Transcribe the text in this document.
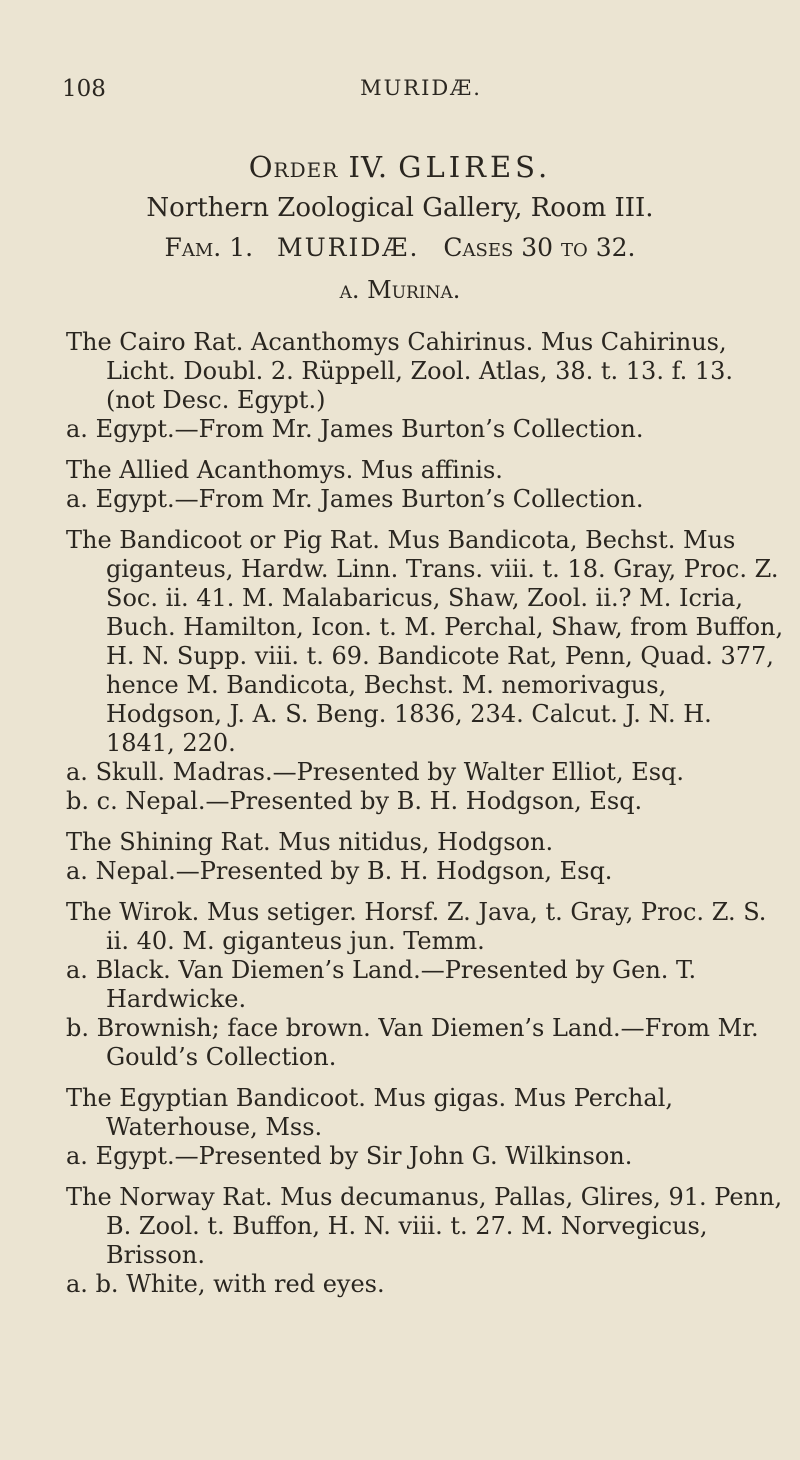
108	MURIDÆ.
Order IV. GLIRES.
Northern Zoological Gallery, Room III.
Fam. 1. MURIDÆ. Cases 30 to 32.
a. Murina.
The Cairo Rat. Acanthomys Cahirinus. Mus Cahirinus, Licht. Doubl. 2. Rüppell, Zool. Atlas, 38. t. 13. f. 13. (not Desc. Egypt.)
a. Egypt.—From Mr. James Burton’s Collection.
The Allied Acanthomys. Mus affinis.
a. Egypt.—From Mr. James Burton’s Collection.
The Bandicoot or Pig Rat. Mus Bandicota, Bechst. Mus giganteus, Hardw. Linn. Trans. viii. t. 18. Gray, Proc. Z. Soc. ii. 41. M. Malabaricus, Shaw, Zool. ii.? M. Icria, Buch. Hamilton, Icon. t. M. Perchal, Shaw, from Buffon, H. N. Supp. viii. t. 69. Bandicote Rat, Penn, Quad. 377, hence M. Bandicota, Bechst. M. nemorivagus, Hodgson, J. A. S. Beng. 1836, 234. Calcut. J. N. H. 1841, 220.
a. Skull. Madras.—Presented by Walter Elliot, Esq.
b. c. Nepal.—Presented by B. H. Hodgson, Esq.
The Shining Rat. Mus nitidus, Hodgson.
a. Nepal.—Presented by B. H. Hodgson, Esq.
The Wirok. Mus setiger. Horsf. Z. Java, t. Gray, Proc. Z. S. ii. 40. M. giganteus jun. Temm.
a. Black. Van Diemen’s Land.—Presented by Gen. T. Hardwicke.
b. Brownish; face brown. Van Diemen’s Land.—From Mr. Gould’s Collection.
The Egyptian Bandicoot. Mus gigas. Mus Perchal, Waterhouse, Mss.
a. Egypt.—Presented by Sir John G. Wilkinson.
The Norway Rat. Mus decumanus, Pallas, Glires, 91. Penn, B. Zool. t. Buffon, H. N. viii. t. 27. M. Norvegicus, Brisson.
a. b. White, with red eyes.
